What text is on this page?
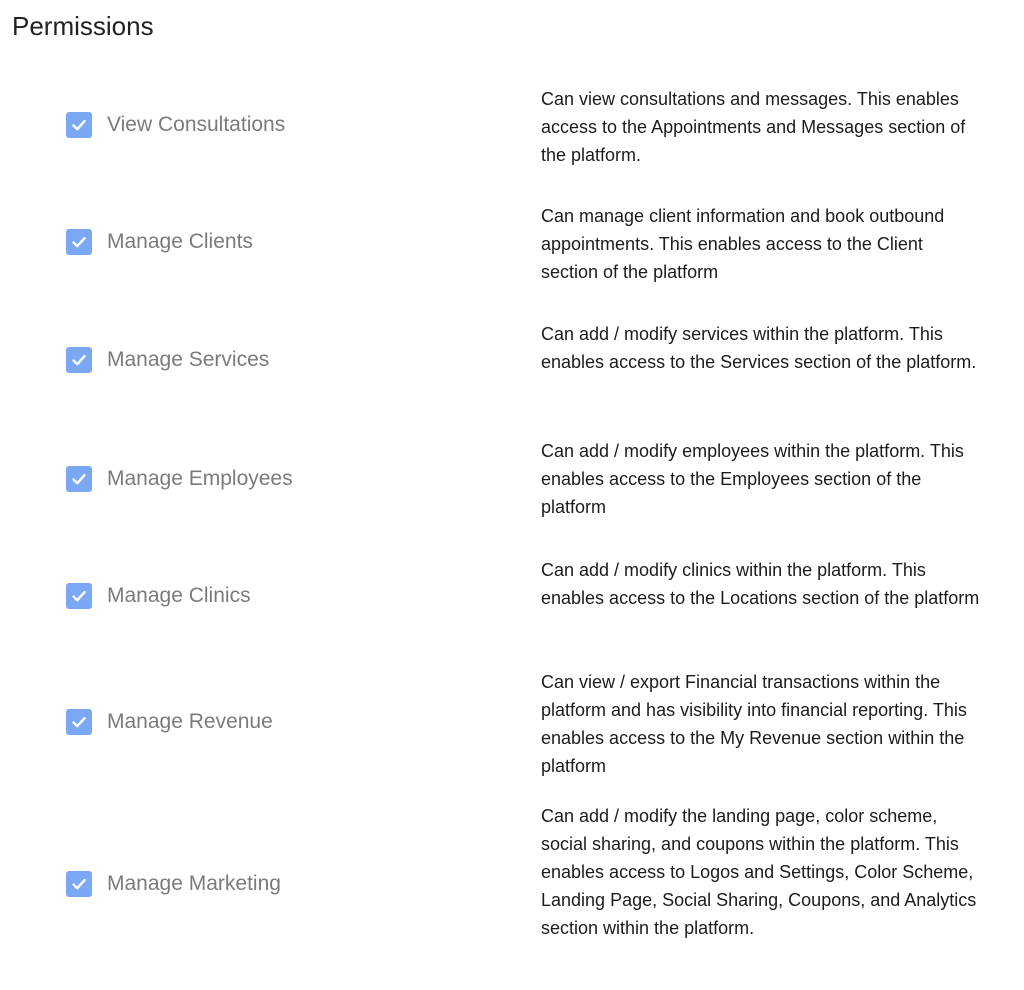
Permissions
View Consultations

Can view consultations and messages. This enables access to the Appointments and Messages section of the platform.

Manage Clients

Can manage client information and book outbound appointments. This enables access to the Client section of the platform

Manage Services

Can add / modify services within the platform. This enables access to the Services section of the platform.

Manage Employees

Can add / modify employees within the platform. This enables access to the Employees section of the platform

Manage Clinics

Can add / modify clinics within the platform. This enables access to the Locations section of the platform

Manage Revenue

Can view / export Financial transactions within the platform and has visibility into financial reporting. This enables access to the My Revenue section within the platform

Manage Marketing

Can add / modify the landing page, color scheme, social sharing, and coupons within the platform. This enables access to Logos and Settings, Color Scheme, Landing Page, Social Sharing, Coupons, and Analytics section within the platform.
